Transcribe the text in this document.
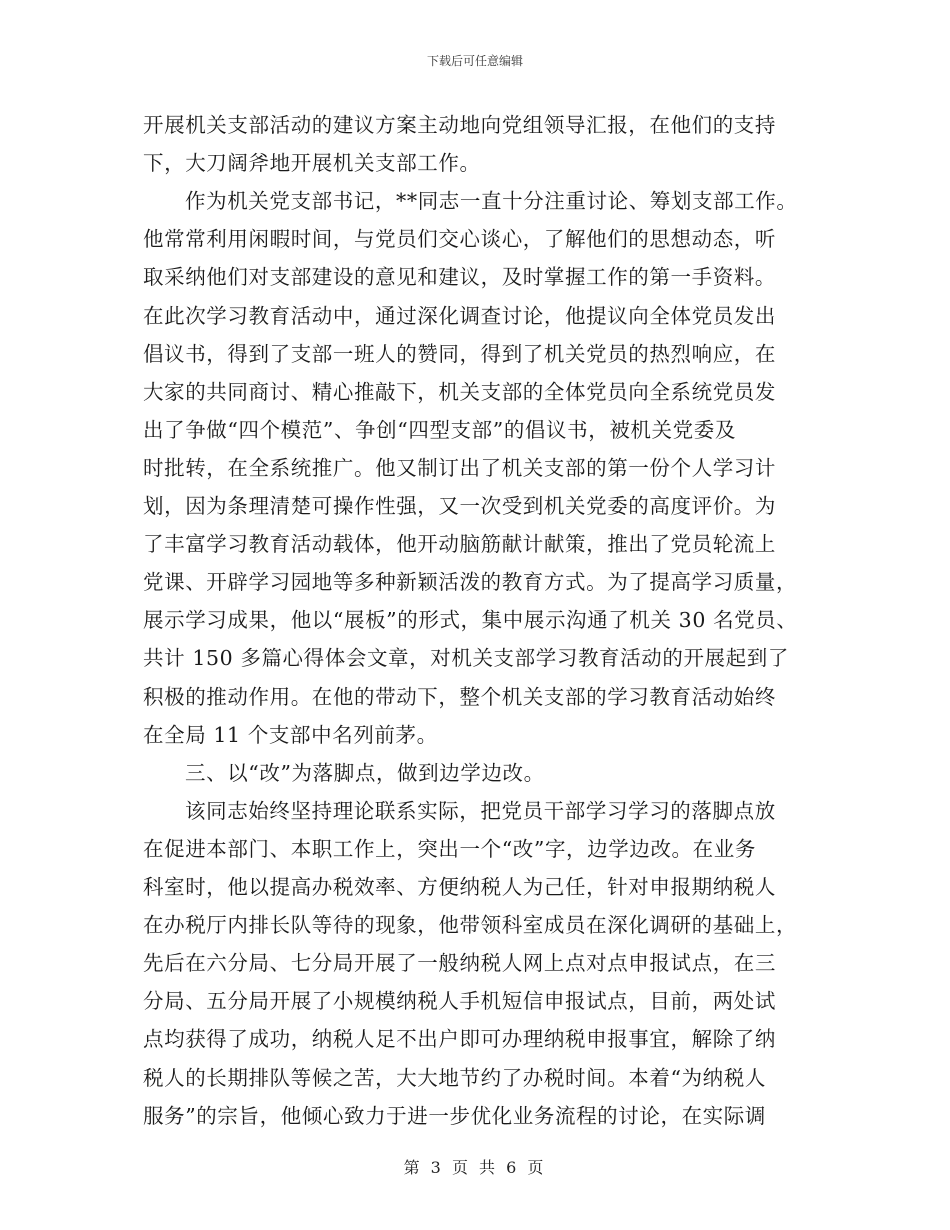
下载后可任意编辑
开展机关支部活动的建议方案主动地向党组领导汇报，在他们的支持
下，大刀阔斧地开展机关支部工作。
作为机关党支部书记，**同志一直十分注重讨论、筹划支部工作。
他常常利用闲暇时间，与党员们交心谈心，了解他们的思想动态，听
取采纳他们对支部建设的意见和建议，及时掌握工作的第一手资料。
在此次学习教育活动中，通过深化调查讨论，他提议向全体党员发出
倡议书，得到了支部一班人的赞同，得到了机关党员的热烈响应，在
大家的共同商讨、精心推敲下，机关支部的全体党员向全系统党员发
出了争做“四个模范”、争创“四型支部”的倡议书，被机关党委及
时批转，在全系统推广。他又制订出了机关支部的第一份个人学习计
划，因为条理清楚可操作性强，又一次受到机关党委的高度评价。为
了丰富学习教育活动载体，他开动脑筋献计献策，推出了党员轮流上
党课、开辟学习园地等多种新颖活泼的教育方式。为了提高学习质量，
展示学习成果，他以“展板”的形式，集中展示沟通了机关 30 名党员、
共计 150 多篇心得体会文章，对机关支部学习教育活动的开展起到了
积极的推动作用。在他的带动下，整个机关支部的学习教育活动始终
在全局 11 个支部中名列前茅。
三、以“改”为落脚点，做到边学边改。
该同志始终坚持理论联系实际，把党员干部学习学习的落脚点放
在促进本部门、本职工作上，突出一个“改”字，边学边改。在业务
科室时，他以提高办税效率、方便纳税人为己任，针对申报期纳税人
在办税厅内排长队等待的现象，他带领科室成员在深化调研的基础上，
先后在六分局、七分局开展了一般纳税人网上点对点申报试点，在三
分局、五分局开展了小规模纳税人手机短信申报试点，目前，两处试
点均获得了成功，纳税人足不出户即可办理纳税申报事宜，解除了纳
税人的长期排队等候之苦，大大地节约了办税时间。本着“为纳税人
服务”的宗旨，他倾心致力于进一步优化业务流程的讨论，在实际调
第 3 页 共 6 页
